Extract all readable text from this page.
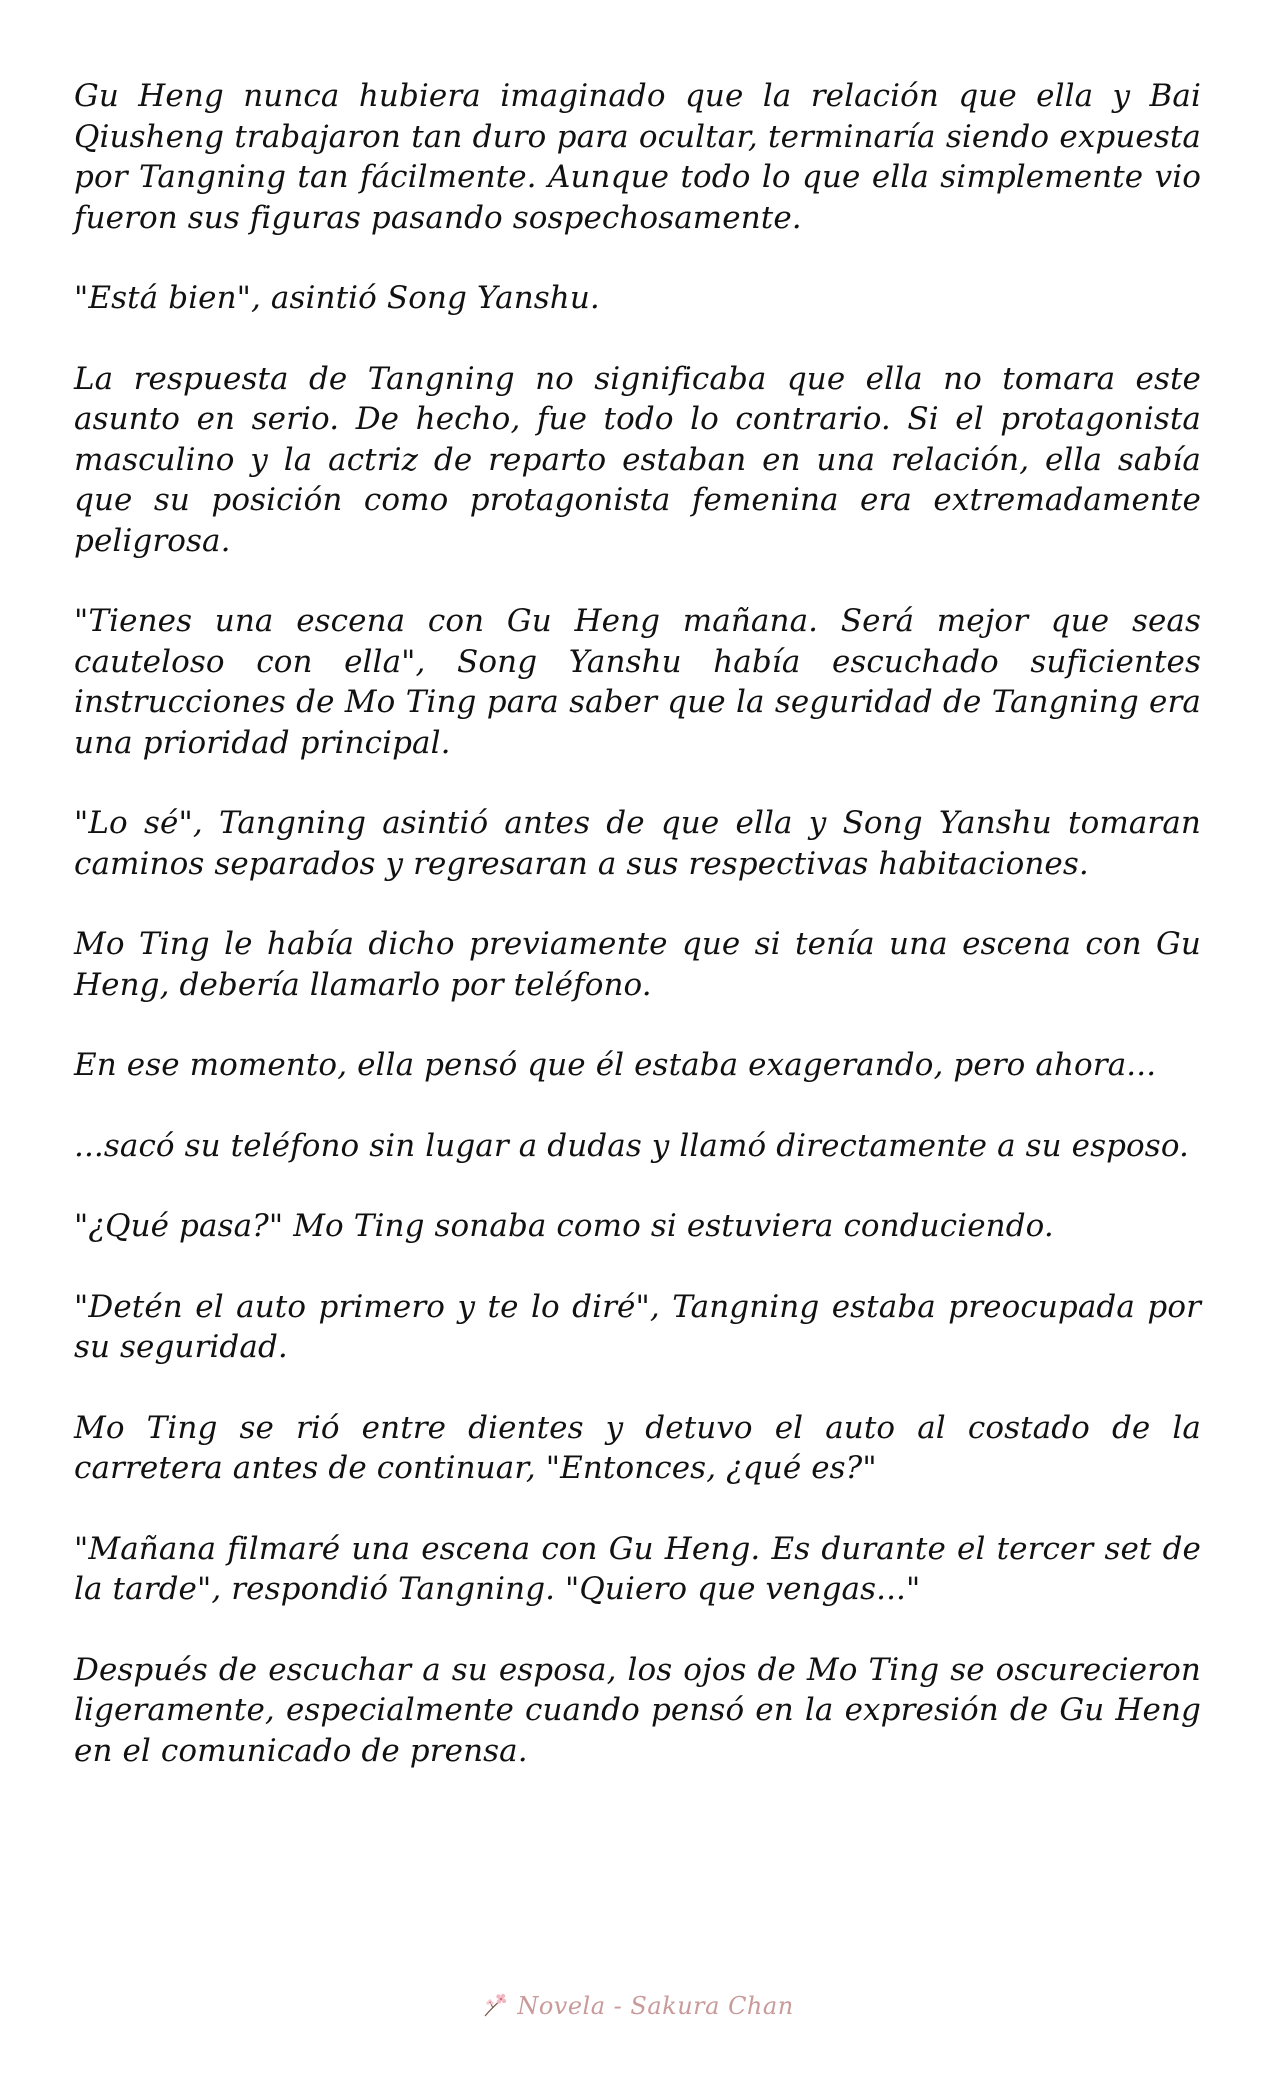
Gu Heng nunca hubiera imaginado que la relación que ella y Bai Qiusheng trabajaron tan duro para ocultar, terminaría siendo expuesta por Tangning tan fácilmente. Aunque todo lo que ella simplemente vio fueron sus figuras pasando sospechosamente.

"Está bien", asintió Song Yanshu.

La respuesta de Tangning no significaba que ella no tomara este asunto en serio. De hecho, fue todo lo contrario. Si el protagonista masculino y la actriz de reparto estaban en una relación, ella sabía que su posición como protagonista femenina era extremadamente peligrosa.

"Tienes una escena con Gu Heng mañana. Será mejor que seas cauteloso con ella", Song Yanshu había escuchado suficientes instrucciones de Mo Ting para saber que la seguridad de Tangning era una prioridad principal.

"Lo sé", Tangning asintió antes de que ella y Song Yanshu tomaran caminos separados y regresaran a sus respectivas habitaciones.

Mo Ting le había dicho previamente que si tenía una escena con Gu Heng, debería llamarlo por teléfono.

En ese momento, ella pensó que él estaba exagerando, pero ahora...

...sacó su teléfono sin lugar a dudas y llamó directamente a su esposo.

"¿Qué pasa?" Mo Ting sonaba como si estuviera conduciendo.

"Detén el auto primero y te lo diré", Tangning estaba preocupada por su seguridad.

Mo Ting se rió entre dientes y detuvo el auto al costado de la carretera antes de continuar, "Entonces, ¿qué es?"

"Mañana filmaré una escena con Gu Heng. Es durante el tercer set de la tarde", respondió Tangning. "Quiero que vengas..."

Después de escuchar a su esposa, los ojos de Mo Ting se oscurecieron ligeramente, especialmente cuando pensó en la expresión de Gu Heng en el comunicado de prensa.

Novela - Sakura Chan
